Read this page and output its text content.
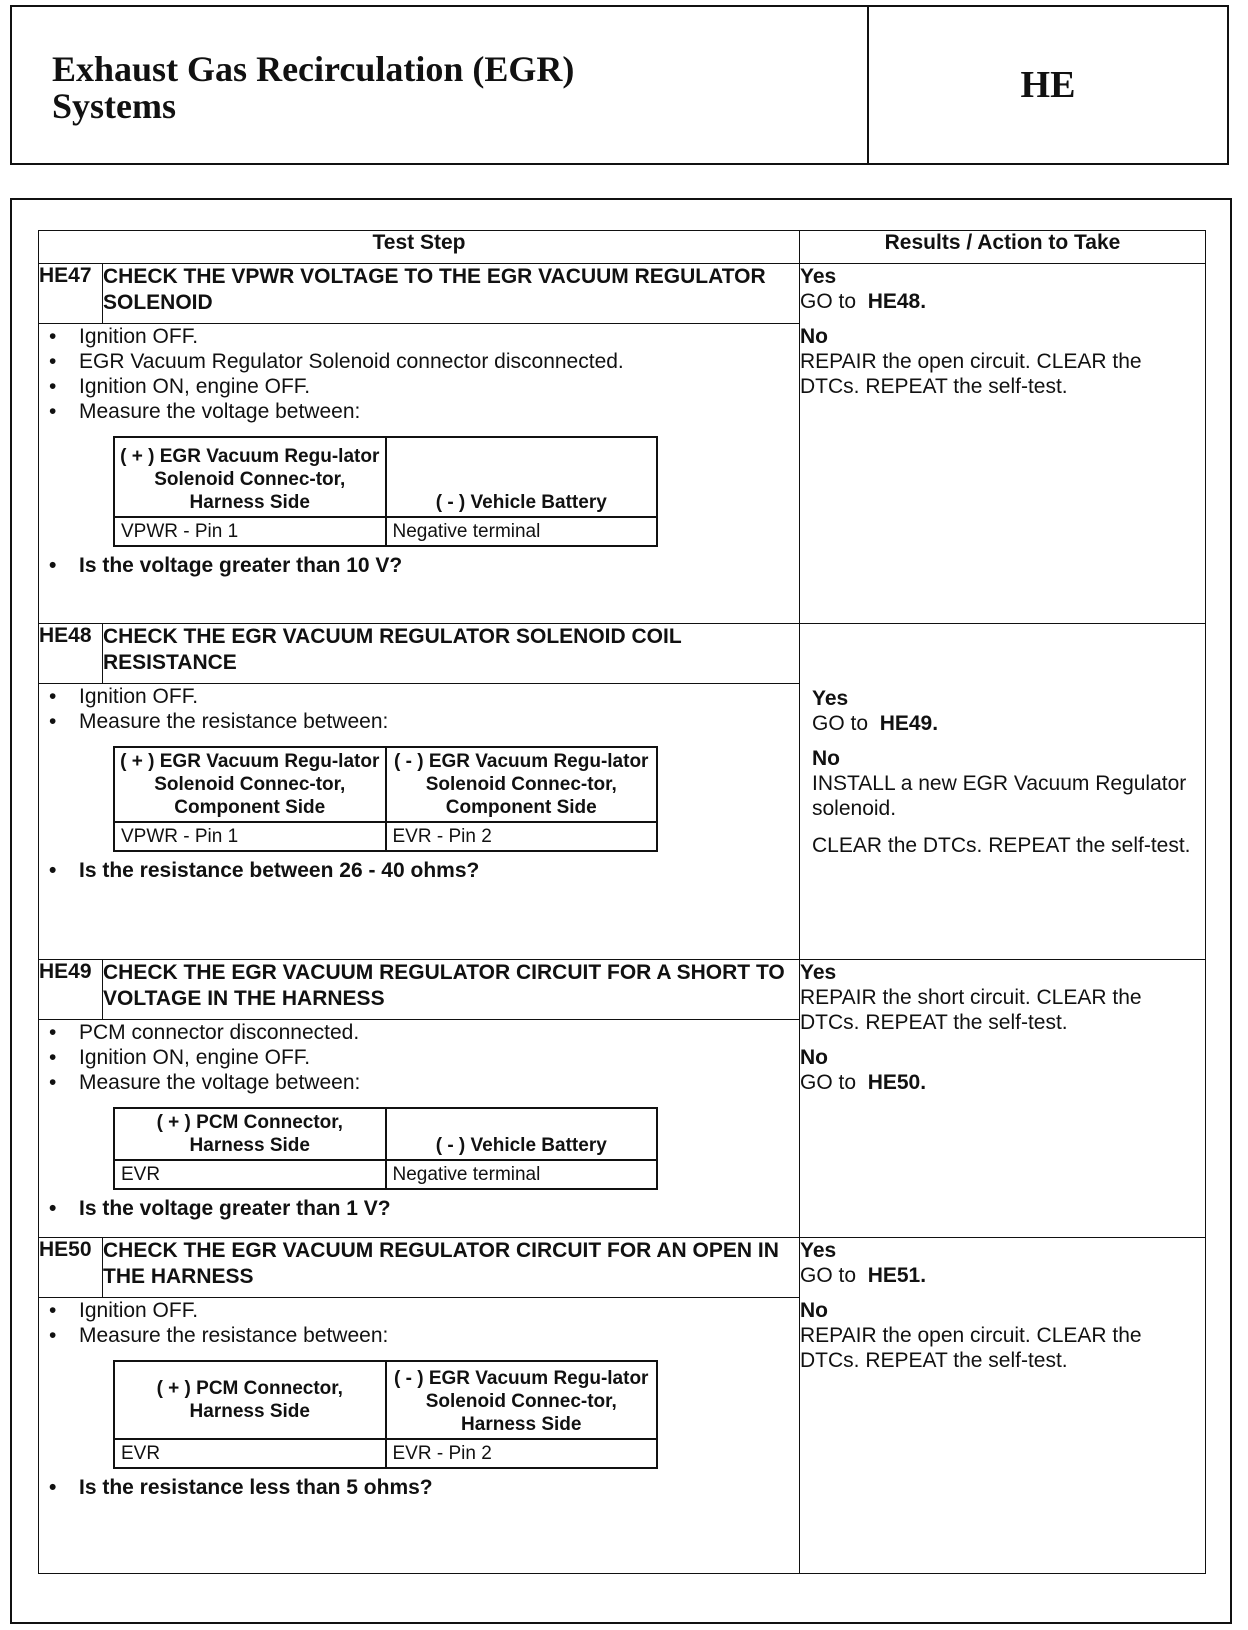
Exhaust Gas Recirculation (EGR)
Systems	HE
Test Step	Results / Action to Take
HE47	CHECK THE VPWR VOLTAGE TO THE EGR VACUUM REGULATOR SOLENOID	
Yes
GO to HE48.
No
REPAIR the open circuit. CLEAR the DTCs. REPEAT the self-test.

• Ignition OFF.
• EGR Vacuum Regulator Solenoid connector disconnected.
• Ignition ON, engine OFF.
• Measure the voltage between:
( + ) EGR Vacuum Regu-lator Solenoid Connec-tor, Harness Side	( - ) Vehicle Battery
VPWR - Pin 1	Negative terminal
• Is the voltage greater than 10 V?

HE48	CHECK THE EGR VACUUM REGULATOR SOLENOID COIL RESISTANCE	
Yes
GO to HE49.
No
INSTALL a new EGR Vacuum Regulator solenoid.
CLEAR the DTCs. REPEAT the self-test.

• Ignition OFF.
• Measure the resistance between:
( + ) EGR Vacuum Regu-lator Solenoid Connec-tor, Component Side	( - ) EGR Vacuum Regu-lator Solenoid Connec-tor, Component Side
VPWR - Pin 1	EVR - Pin 2
• Is the resistance between 26 - 40 ohms?

HE49	CHECK THE EGR VACUUM REGULATOR CIRCUIT FOR A SHORT TO VOLTAGE IN THE HARNESS	
Yes
REPAIR the short circuit. CLEAR the DTCs. REPEAT the self-test.
No
GO to HE50.

• PCM connector disconnected.
• Ignition ON, engine OFF.
• Measure the voltage between:
( + ) PCM Connector, Harness Side	( - ) Vehicle Battery
EVR	Negative terminal
• Is the voltage greater than 1 V?

HE50	CHECK THE EGR VACUUM REGULATOR CIRCUIT FOR AN OPEN IN THE HARNESS	
Yes
GO to HE51.
No
REPAIR the open circuit. CLEAR the DTCs. REPEAT the self-test.

• Ignition OFF.
• Measure the resistance between:
( + ) PCM Connector, Harness Side	( - ) EGR Vacuum Regu-lator Solenoid Connec-tor, Harness Side
EVR	EVR - Pin 2
• Is the resistance less than 5 ohms?
